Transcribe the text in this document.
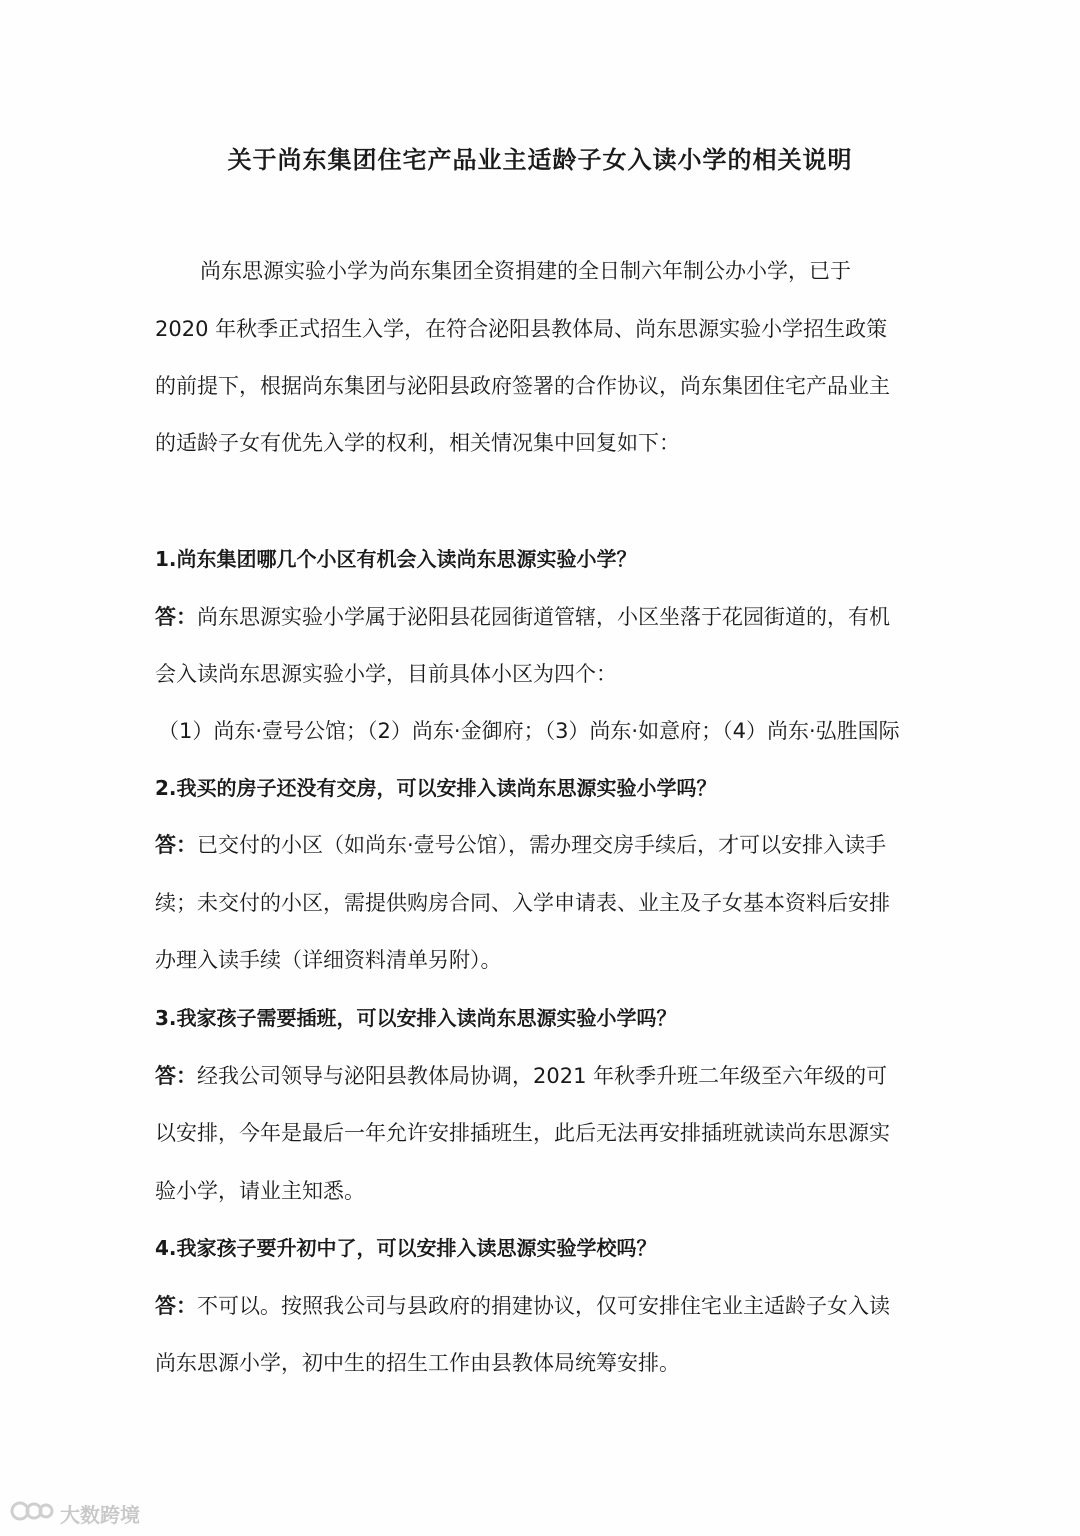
关于尚东集团住宅产品业主适龄子女入读小学的相关说明
尚东思源实验小学为尚东集团全资捐建的全日制六年制公办小学，已于
2020 年秋季正式招生入学，在符合泌阳县教体局、尚东思源实验小学招生政策
的前提下，根据尚东集团与泌阳县政府签署的合作协议，尚东集团住宅产品业主
的适龄子女有优先入学的权利，相关情况集中回复如下：
1.尚东集团哪几个小区有机会入读尚东思源实验小学？
答：尚东思源实验小学属于泌阳县花园街道管辖，小区坐落于花园街道的，有机
会入读尚东思源实验小学，目前具体小区为四个：
（1）尚东·壹号公馆；（2）尚东·金御府；（3）尚东·如意府；（4）尚东·弘胜国际
2.我买的房子还没有交房，可以安排入读尚东思源实验小学吗？
答：已交付的小区（如尚东·壹号公馆），需办理交房手续后，才可以安排入读手
续；未交付的小区，需提供购房合同、入学申请表、业主及子女基本资料后安排
办理入读手续（详细资料清单另附）。
3.我家孩子需要插班，可以安排入读尚东思源实验小学吗？
答：经我公司领导与泌阳县教体局协调，2021 年秋季升班二年级至六年级的可
以安排，今年是最后一年允许安排插班生，此后无法再安排插班就读尚东思源实
验小学，请业主知悉。
4.我家孩子要升初中了，可以安排入读思源实验学校吗？
答：不可以。按照我公司与县政府的捐建协议，仅可安排住宅业主适龄子女入读
尚东思源小学，初中生的招生工作由县教体局统筹安排。
大数跨境
